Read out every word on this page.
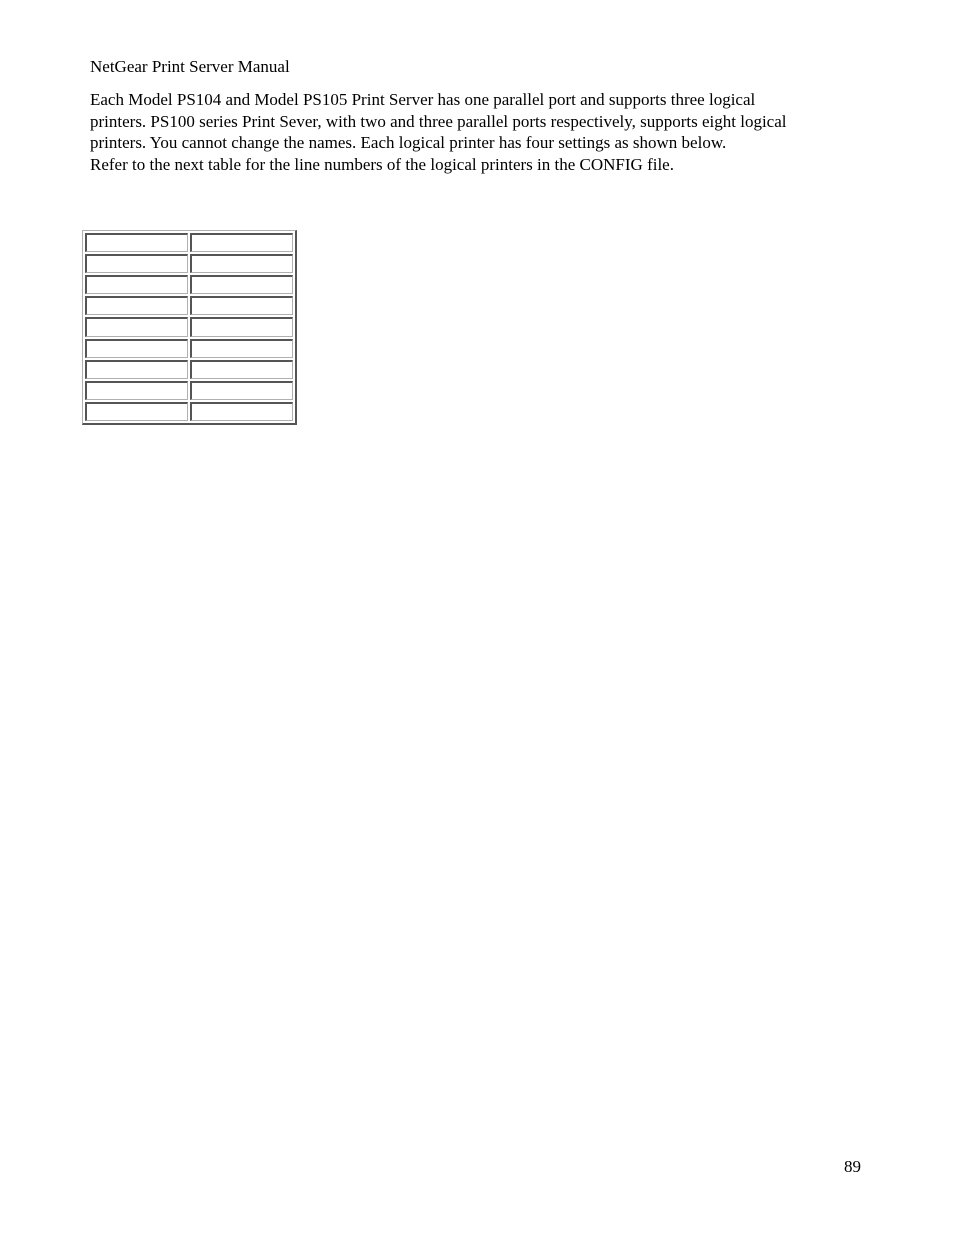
NetGear Print Server Manual

Each Model PS104 and Model PS105 Print Server has one parallel port and supports three logical

printers. PS100 series Print Sever, with two and three parallel ports respectively, supports eight logical

printers. You cannot change the names. Each logical printer has four settings as shown below.

Refer to the next table for the line numbers of the logical printers in the CONFIG file.

89
